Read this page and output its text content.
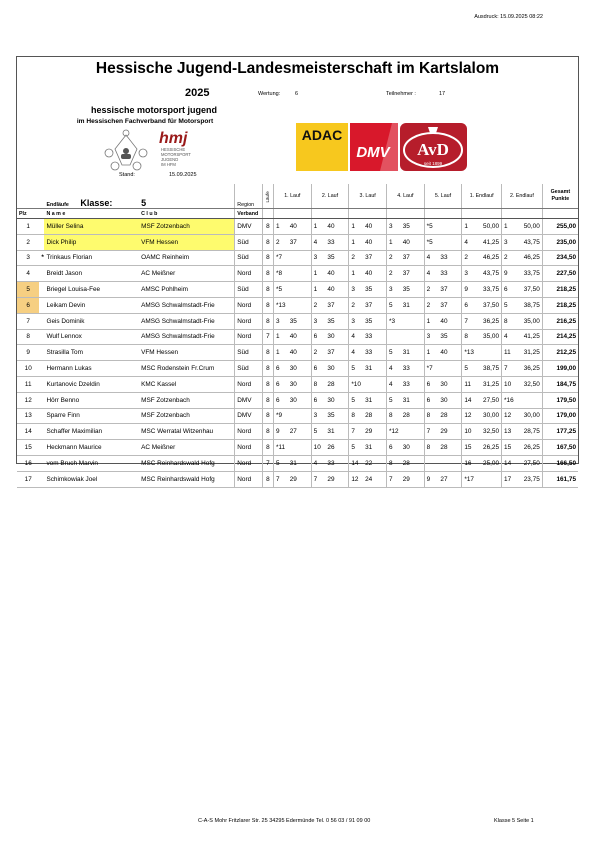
Ausdruck: 15.09.2025 08:22
Hessische Jugend-Landesmeisterschaft im Kartslalom
2025	Wertung:	6	Teilnehmer :	17
hessische motorsport jugend
im Hessischen Fachverband für Motorsport
hmj
HESSISCHE
MOTORSPORT
JUGEND
IM HFM
Stand:	15.09.2025
ADAC
DMV AvD
seit 1899
		Endläufe Klasse:	5	Region	Läufe	1. Lauf		2. Lauf		3. Lauf		4. Lauf		5. Lauf		1. Endlauf		2. Endlauf		Gesamt
Punkte

Plz		N a m e	C l u b	Verband																
1		Müller Selina	MSF Zotzenbach	DMV	8	1	40	1	40	1	40	3	35	*5		1	50,00	1	50,00	255,00
2		Dick Philip	VFM Hessen	Süd	8	2	37	4	33	1	40	1	40	*5		4	41,25	3	43,75	235,00
3	*	Trinkaus Florian	OAMC Reinheim	Süd	8	*7		3	35	2	37	2	37	4	33	2	46,25	2	46,25	234,50
4		Breidt Jason	AC Meißner	Nord	8	*8		1	40	1	40	2	37	4	33	3	43,75	9	33,75	227,50
5		Briegel Louisa-Fee	AMSC Pohlheim	Süd	8	*5		1	40	3	35	3	35	2	37	9	33,75	6	37,50	218,25
6		Leikam Devin	AMSG Schwalmstadt-Frie	Nord	8	*13		2	37	2	37	5	31	2	37	6	37,50	5	38,75	218,25
7		Geis Dominik	AMSG Schwalmstadt-Frie	Nord	8	3	35	3	35	3	35	*3		1	40	7	36,25	8	35,00	216,25
8		Wulf Lennox	AMSG Schwalmstadt-Frie	Nord	7	1	40	6	30	4	33			3	35	8	35,00	4	41,25	214,25
9		Strasilla Tom	VFM Hessen	Süd	8	1	40	2	37	4	33	5	31	1	40	*13		11	31,25	212,25
10		Hermann Lukas	MSC Rodenstein Fr.Crum	Süd	8	6	30	6	30	5	31	4	33	*7		5	38,75	7	36,25	199,00
11		Kurtanovic Dzeldin	KMC Kassel	Nord	8	6	30	8	28	*10		4	33	6	30	11	31,25	10	32,50	184,75
12		Hörr Benno	MSF Zotzenbach	DMV	8	6	30	6	30	5	31	5	31	6	30	14	27,50	*16		179,50
13		Sparre Finn	MSF Zotzenbach	DMV	8	*9		3	35	8	28	8	28	8	28	12	30,00	12	30,00	179,00
14		Schaffer Maximilian	MSC Werratal Witzenhau	Nord	8	9	27	5	31	7	29	*12		7	29	10	32,50	13	28,75	177,25
15		Heckmann Maurice	AC Meißner	Nord	8	*11		10	26	5	31	6	30	8	28	15	26,25	15	26,25	167,50
16		vom Bruch Marvin	MSC Reinhardswald Hofg	Nord	7	5	31	4	33	14	22	8	28			16	25,00	14	27,50	166,50
17		Schimkowiak Joel	MSC Reinhardswald Hofg	Nord	8	7	29	7	29	12	24	7	29	9	27	*17		17	23,75	161,75
C-A-S Mohr Fritzlarer Str. 25 34295 Edermünde Tel. 0 56 03 / 91 09 00	Klasse 5 Seite 1
